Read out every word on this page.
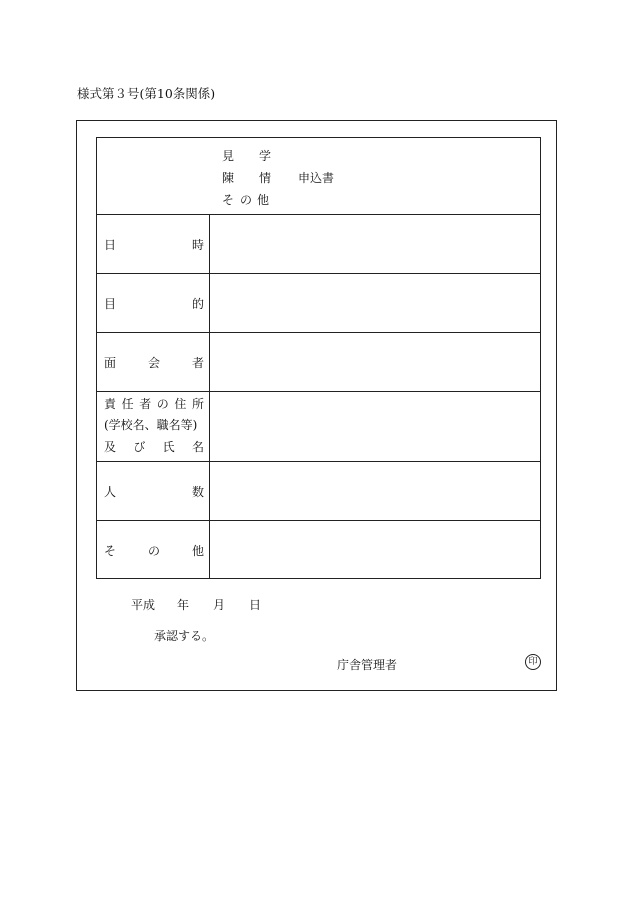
様式第３号(第10条関係)
見 学
陳 情
そ の 他
申込書
日	時
目	的
面	会	者
責 任 者 の 住 所
(学校名、職名等)
及 び 氏 名
人	数
そ	の	他
平成 年 月 日
承認する。
庁舎管理者	印
